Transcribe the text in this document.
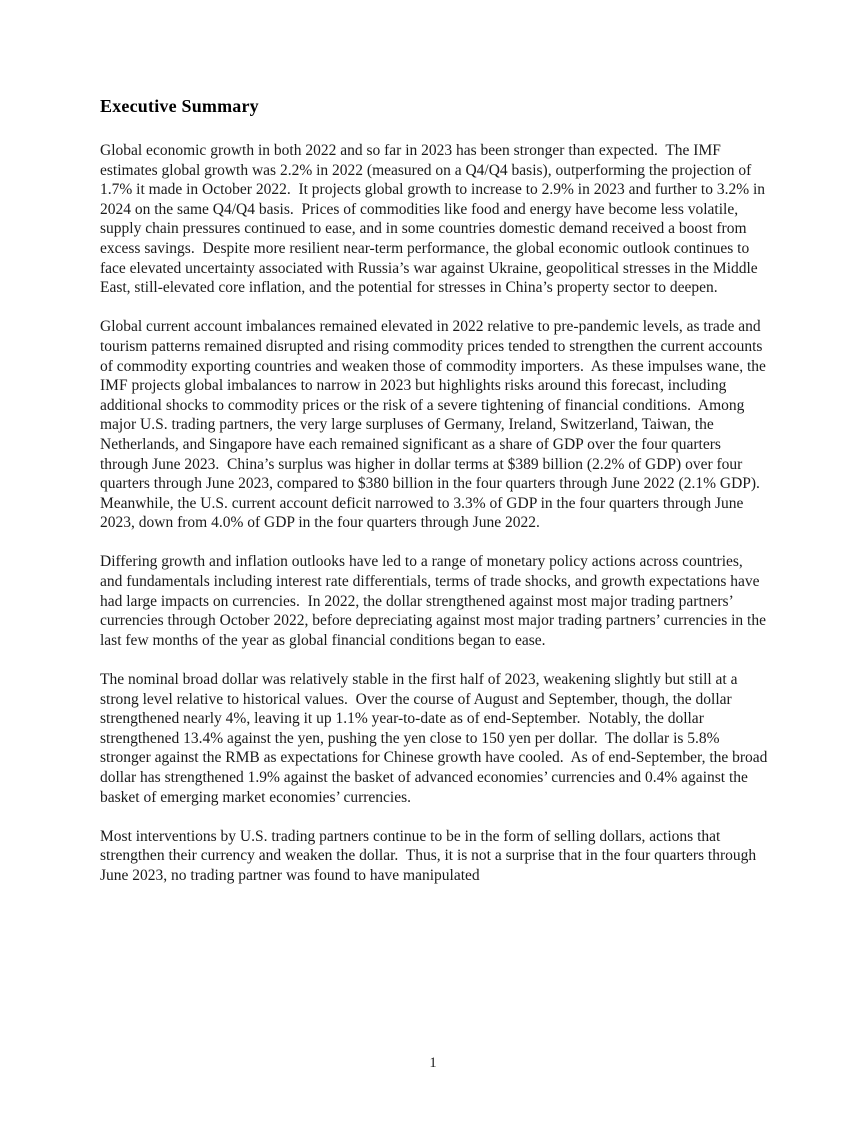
Executive Summary

Global economic growth in both 2022 and so far in 2023 has been stronger than expected.  The IMF estimates global growth was 2.2% in 2022 (measured on a Q4/Q4 basis), outperforming the projection of 1.7% it made in October 2022.  It projects global growth to increase to 2.9% in 2023 and further to 3.2% in 2024 on the same Q4/Q4 basis.  Prices of commodities like food and energy have become less volatile, supply chain pressures continued to ease, and in some countries domestic demand received a boost from excess savings.  Despite more resilient near-term performance, the global economic outlook continues to face elevated uncertainty associated with Russia’s war against Ukraine, geopolitical stresses in the Middle East, still-elevated core inflation, and the potential for stresses in China’s property sector to deepen.

Global current account imbalances remained elevated in 2022 relative to pre-pandemic levels, as trade and tourism patterns remained disrupted and rising commodity prices tended to strengthen the current accounts of commodity exporting countries and weaken those of commodity importers.  As these impulses wane, the IMF projects global imbalances to narrow in 2023 but highlights risks around this forecast, including additional shocks to commodity prices or the risk of a severe tightening of financial conditions.  Among major U.S. trading partners, the very large surpluses of Germany, Ireland, Switzerland, Taiwan, the Netherlands, and Singapore have each remained significant as a share of GDP over the four quarters through June 2023.  China’s surplus was higher in dollar terms at $389 billion (2.2% of GDP) over four quarters through June 2023, compared to $380 billion in the four quarters through June 2022 (2.1% GDP).  Meanwhile, the U.S. current account deficit narrowed to 3.3% of GDP in the four quarters through June 2023, down from 4.0% of GDP in the four quarters through June 2022.

Differing growth and inflation outlooks have led to a range of monetary policy actions across countries, and fundamentals including interest rate differentials, terms of trade shocks, and growth expectations have had large impacts on currencies.  In 2022, the dollar strengthened against most major trading partners’ currencies through October 2022, before depreciating against most major trading partners’ currencies in the last few months of the year as global financial conditions began to ease.

The nominal broad dollar was relatively stable in the first half of 2023, weakening slightly but still at a strong level relative to historical values.  Over the course of August and September, though, the dollar strengthened nearly 4%, leaving it up 1.1% year-to-date as of end-September.  Notably, the dollar strengthened 13.4% against the yen, pushing the yen close to 150 yen per dollar.  The dollar is 5.8% stronger against the RMB as expectations for Chinese growth have cooled.  As of end-September, the broad dollar has strengthened 1.9% against the basket of advanced economies’ currencies and 0.4% against the basket of emerging market economies’ currencies.

Most interventions by U.S. trading partners continue to be in the form of selling dollars, actions that strengthen their currency and weaken the dollar.  Thus, it is not a surprise that in the four quarters through June 2023, no trading partner was found to have manipulated

1
